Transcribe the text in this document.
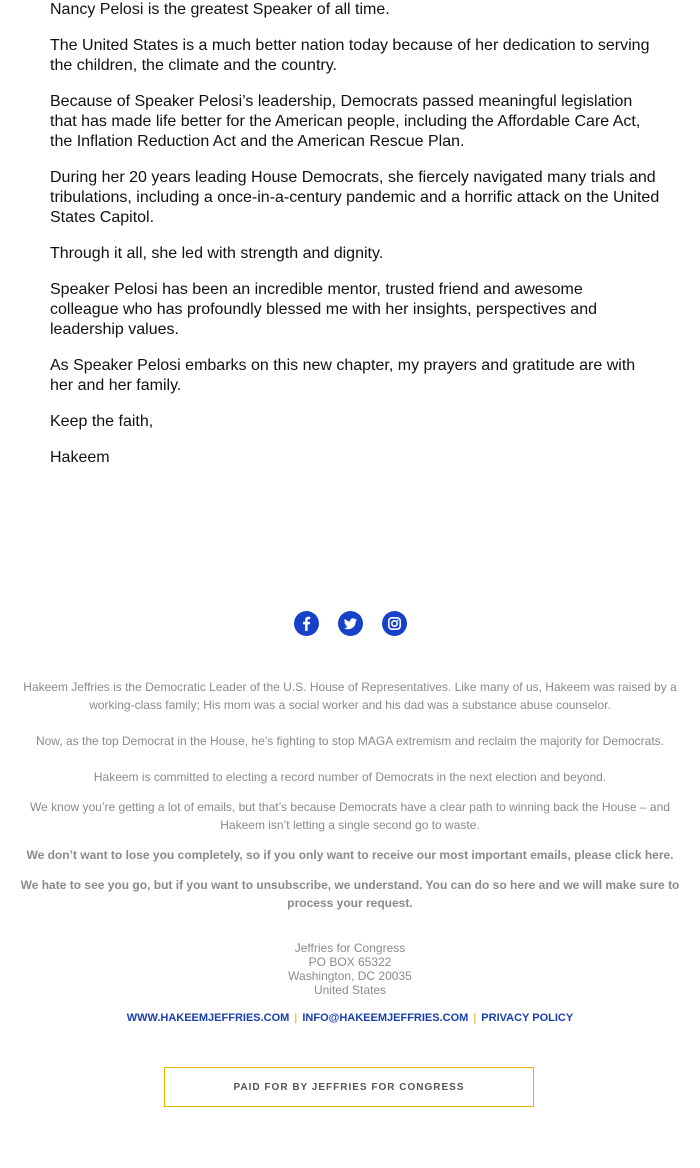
Nancy Pelosi is the greatest Speaker of all time.

The United States is a much better nation today because of her dedication to serving the children, the climate and the country.

Because of Speaker Pelosi’s leadership, Democrats passed meaningful legislation that has made life better for the American people, including the Affordable Care Act, the Inflation Reduction Act and the American Rescue Plan.

During her 20 years leading House Democrats, she fiercely navigated many trials and tribulations, including a once-in-a-century pandemic and a horrific attack on the United States Capitol.

Through it all, she led with strength and dignity.

Speaker Pelosi has been an incredible mentor, trusted friend and awesome colleague who has profoundly blessed me with her insights, perspectives and leadership values.

As Speaker Pelosi embarks on this new chapter, my prayers and gratitude are with her and her family.

Keep the faith,

Hakeem

Hakeem Jeffries is the Democratic Leader of the U.S. House of Representatives. Like many of us, Hakeem was raised by a working-class family; His mom was a social worker and his dad was a substance abuse counselor.
Now, as the top Democrat in the House, he’s fighting to stop MAGA extremism and reclaim the majority for Democrats.
Hakeem is committed to electing a record number of Democrats in the next election and beyond.
We know you’re getting a lot of emails, but that’s because Democrats have a clear path to winning back the House – and Hakeem isn’t letting a single second go to waste.
We don’t want to lose you completely, so if you only want to receive our most important emails, please click here.
We hate to see you go, but if you want to unsubscribe, we understand. You can do so here and we will make sure to process your request.
Jeffries for Congress
PO BOX 65322
Washington, DC 20035
United States
WWW.HAKEEMJEFFRIES.COM | INFO@HAKEEMJEFFRIES.COM | PRIVACY POLICY
PAID FOR BY JEFFRIES FOR CONGRESS
